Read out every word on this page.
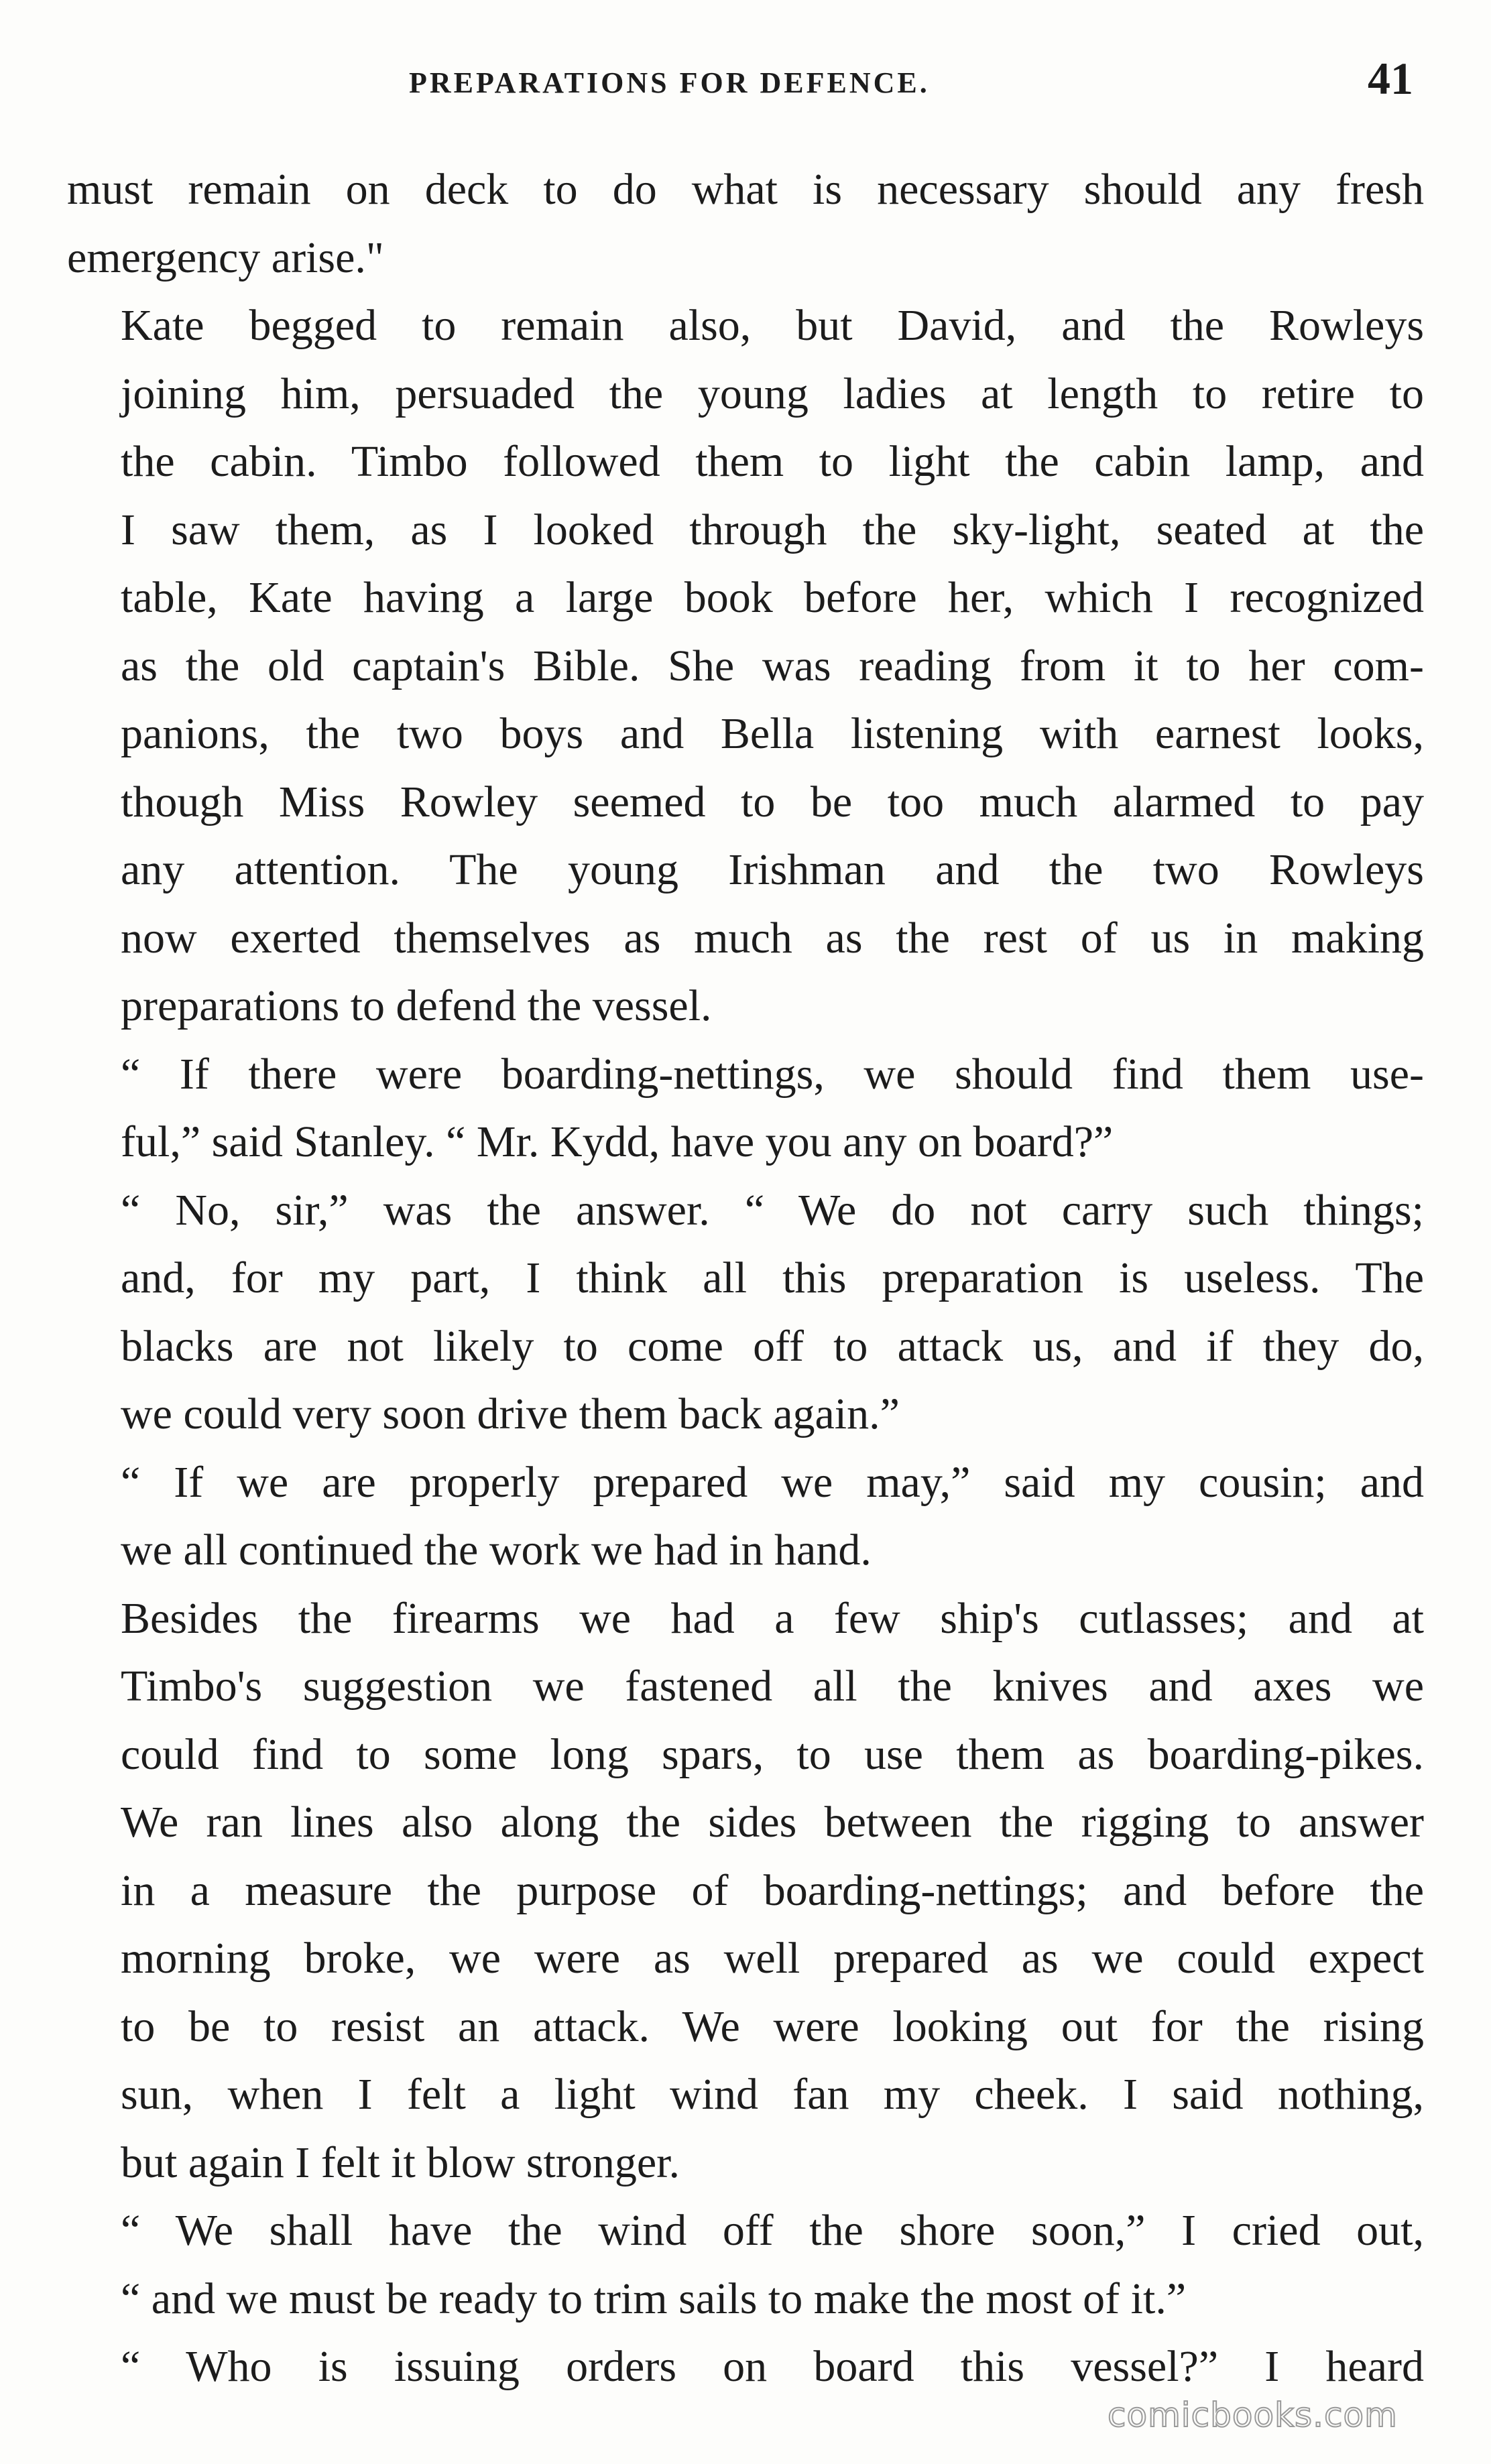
PREPARATIONS FOR DEFENCE.	41

must remain on deck to do what is necessary should any fresh
emergency arise."

Kate begged to remain also, but David, and the Rowleys
joining him, persuaded the young ladies at length to retire to
the cabin. Timbo followed them to light the cabin lamp, and
I saw them, as I looked through the sky-light, seated at the
table, Kate having a large book before her, which I recognized
as the old captain's Bible. She was reading from it to her com-
panions, the two boys and Bella listening with earnest looks,
though Miss Rowley seemed to be too much alarmed to pay
any attention. The young Irishman and the two Rowleys
now exerted themselves as much as the rest of us in making
preparations to defend the vessel.

“ If there were boarding-nettings, we should find them use-
ful,” said Stanley. “ Mr. Kydd, have you any on board?”

“ No, sir,” was the answer. “ We do not carry such things;
and, for my part, I think all this preparation is useless. The
blacks are not likely to come off to attack us, and if they do,
we could very soon drive them back again.”

“ If we are properly prepared we may,” said my cousin; and
we all continued the work we had in hand.

Besides the firearms we had a few ship's cutlasses; and at
Timbo's suggestion we fastened all the knives and axes we
could find to some long spars, to use them as boarding-pikes.
We ran lines also along the sides between the rigging to answer
in a measure the purpose of boarding-nettings; and before the
morning broke, we were as well prepared as we could expect
to be to resist an attack. We were looking out for the rising
sun, when I felt a light wind fan my cheek. I said nothing,
but again I felt it blow stronger.

“ We shall have the wind off the shore soon,” I cried out,
“ and we must be ready to trim sails to make the most of it.”

“ Who is issuing orders on board this vessel?” I heard

comicbooks.com
